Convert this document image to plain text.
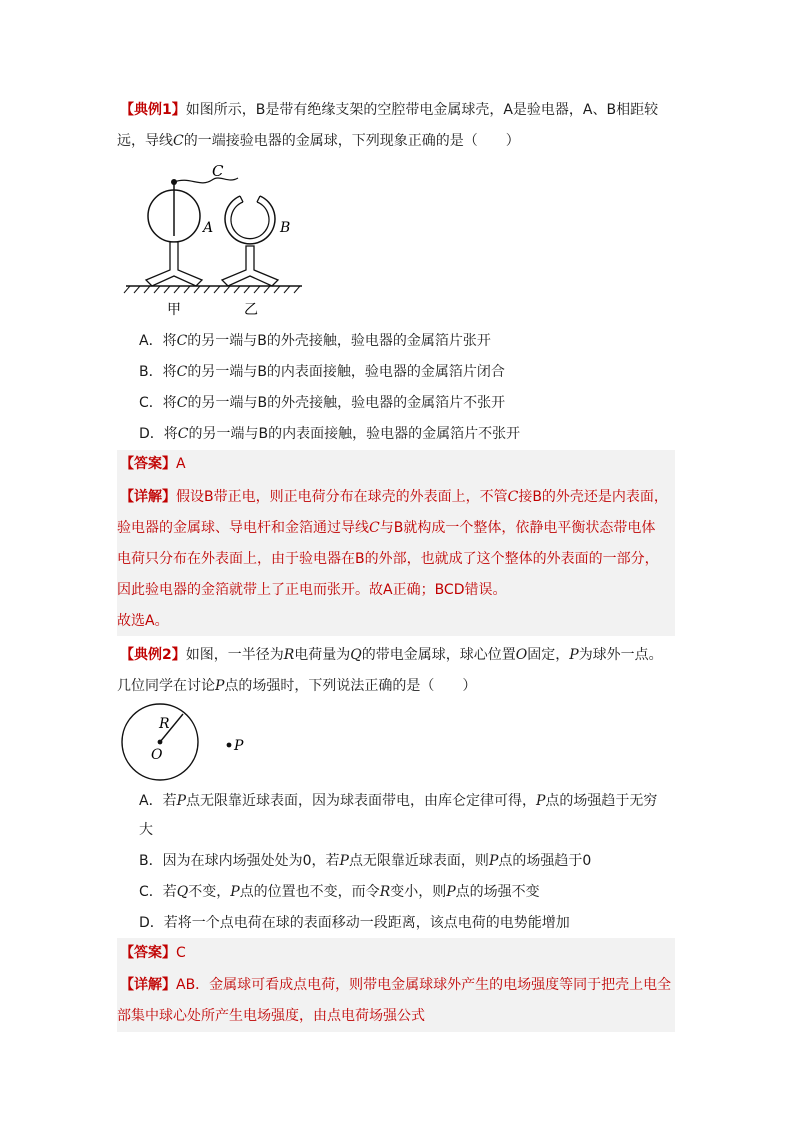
【典例1】如图所示，B是带有绝缘支架的空腔带电金属球壳，A是验电器，A、B相距较
远，导线C的一端接验电器的金属球，下列现象正确的是（　　）
C
A	B
甲	乙
A．将C的另一端与B的外壳接触，验电器的金属箔片张开
B．将C的另一端与B的内表面接触，验电器的金属箔片闭合
C．将C的另一端与B的外壳接触，验电器的金属箔片不张开
D．将C的另一端与B的内表面接触，验电器的金属箔片不张开
【答案】A
【详解】假设B带正电，则正电荷分布在球壳的外表面上，不管C接B的外壳还是内表面，
验电器的金属球、导电杆和金箔通过导线C与B就构成一个整体，依静电平衡状态带电体
电荷只分布在外表面上，由于验电器在B的外部，也就成了这个整体的外表面的一部分，
因此验电器的金箔就带上了正电而张开。故A正确；BCD错误。
故选A。
【典例2】如图，一半径为R电荷量为Q的带电金属球，球心位置O固定，P为球外一点。
几位同学在讨论P点的场强时，下列说法正确的是（　　）
R
O
P
A．若P点无限靠近球表面，因为球表面带电，由库仑定律可得，P点的场强趋于无穷
大
B．因为在球内场强处处为0，若P点无限靠近球表面，则P点的场强趋于0
C．若Q不变，P点的位置也不变，而令R变小，则P点的场强不变
D．若将一个点电荷在球的表面移动一段距离，该点电荷的电势能增加
【答案】C
【详解】AB．金属球可看成点电荷，则带电金属球球外产生的电场强度等同于把壳上电全
部集中球心处所产生电场强度，由点电荷场强公式
